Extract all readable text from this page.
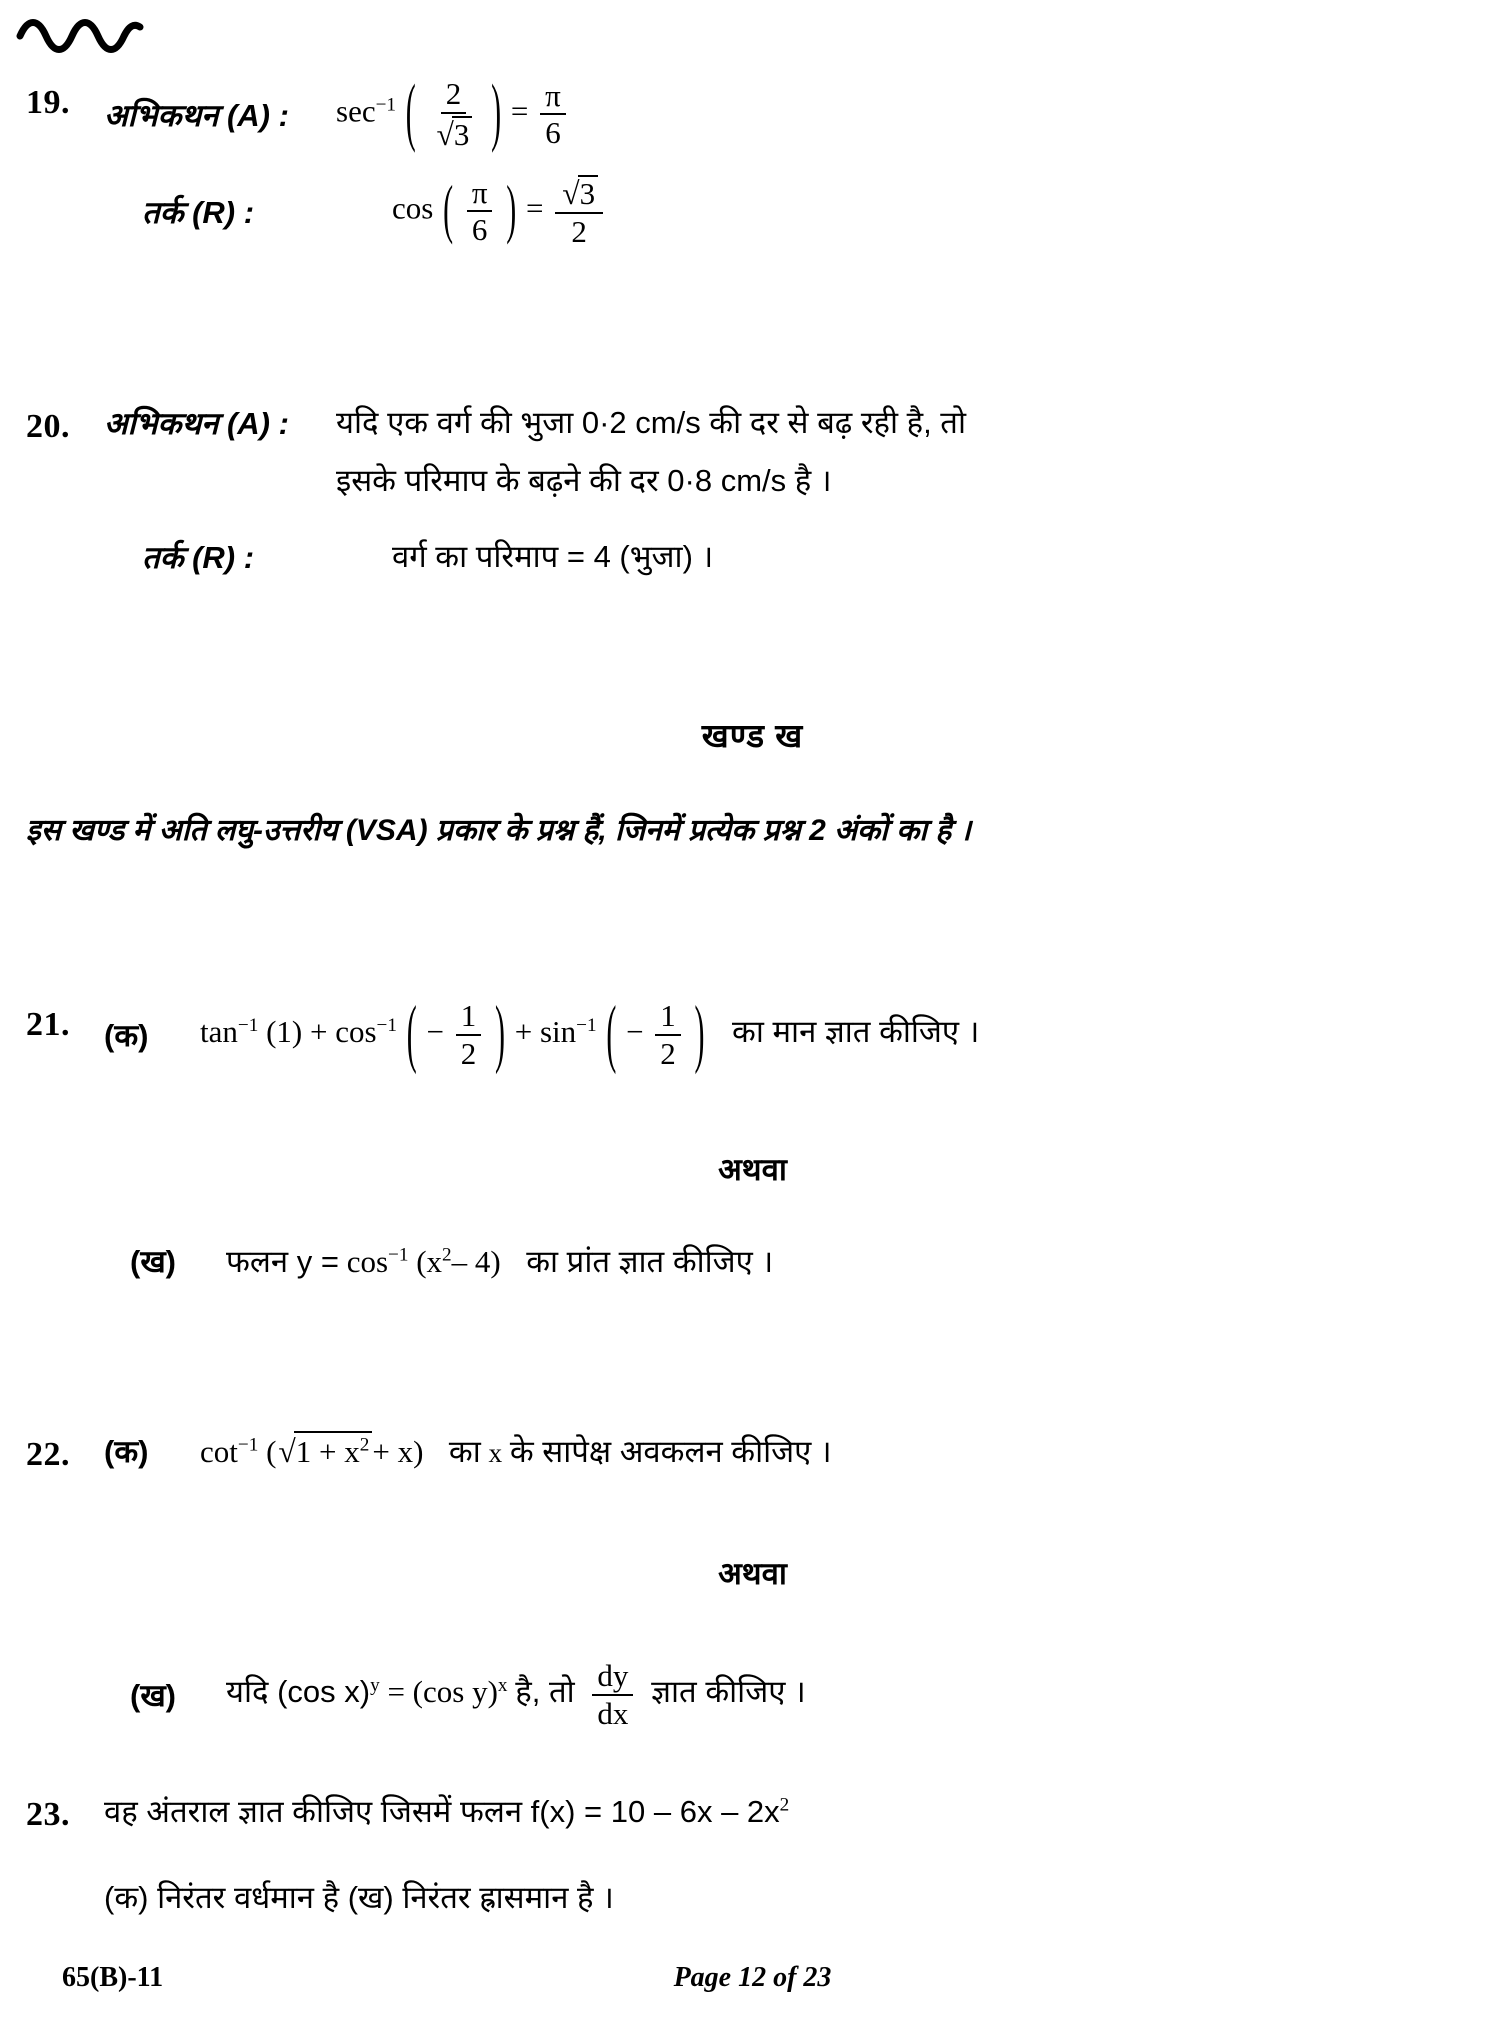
19.	अभिकथन (A) :	$\sec^{-1}$ ( $\frac{2}{√3}$ ) = $\frac{\pi}{6}$
तर्क (R) :	cos ( $\frac{\pi}{6}$ ) = $\frac{√3}{2}$
20.	अभिकथन (A) :	यदि एक वर्ग की भुजा 0·2 cm/s की दर से बढ़ रही है, तो
इसके परिमाप के बढ़ने की दर 0·8 cm/s है ।
तर्क (R) :	वर्ग का परिमाप = 4 (भुजा) ।
खण्ड ख
इस खण्ड में अति लघु-उत्तरीय (VSA) प्रकार के प्रश्न हैं, जिनमें प्रत्येक प्रश्न 2 अंकों का है ।
21.	(क)	$\tan^{-1} (1) + \cos^{-1}$ ( − $\frac{1}{2}$ ) + $\sin^{-1}$ ( − $\frac{1}{2}$ ) का मान ज्ञात कीजिए ।
अथवा
(ख)	फलन $y = \cos^{-1} (x^2-$ 4) का प्रांत ज्ञात कीजिए ।
22.	(क)	$\cot^{-1} (√1 + x^2+ x)$ का x के सापेक्ष अवकलन कीजिए ।
अथवा
(ख)	यदि (cos x)$^y$ = (cos y)$^x$ है, तो $\frac{dy}{dx}$ ज्ञात कीजिए ।
23.	वह अंतराल ज्ञात कीजिए जिसमें फलन $f(x) = 10 - 6x - 2x^2$
(क) निरंतर वर्धमान है (ख) निरंतर ह्रासमान है ।
65(B)-11	Page 12 of 23
